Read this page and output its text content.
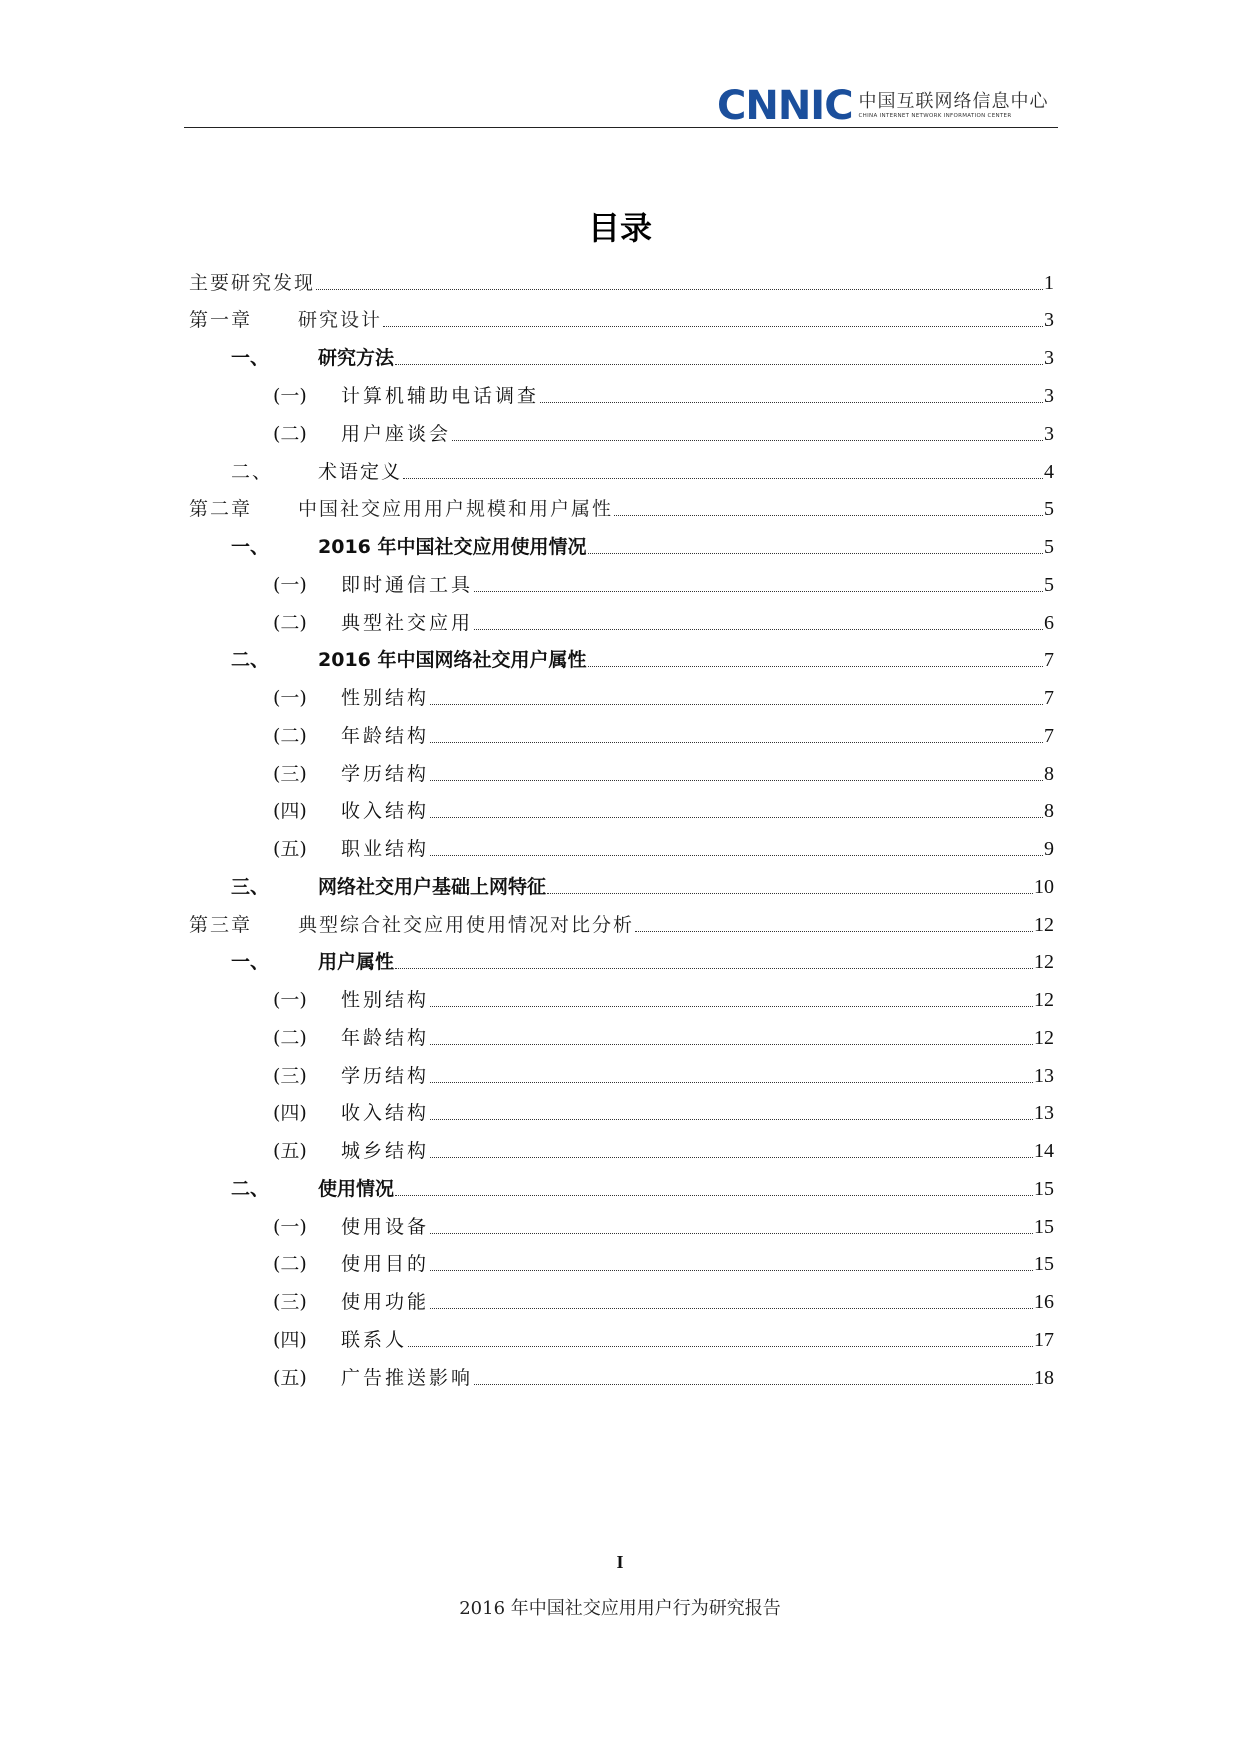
CNNIC 中国互联网络信息中心
CHINA INTERNET NETWORK INFORMATION CENTER
目录
主要研究发现	1
第一章	研究设计	3
一、	研究方法	3
(一)	计算机辅助电话调查	3
(二)	用户座谈会	3
二、	术语定义	4
第二章	中国社交应用用户规模和用户属性	5
一、	2016 年中国社交应用使用情况	5
(一)	即时通信工具	5
(二)	典型社交应用	6
二、	2016 年中国网络社交用户属性	7
(一)	性别结构	7
(二)	年龄结构	7
(三)	学历结构	8
(四)	收入结构	8
(五)	职业结构	9
三、	网络社交用户基础上网特征	10
第三章	典型综合社交应用使用情况对比分析	12
一、	用户属性	12
(一)	性别结构	12
(二)	年龄结构	12
(三)	学历结构	13
(四)	收入结构	13
(五)	城乡结构	14
二、	使用情况	15
(一)	使用设备	15
(二)	使用目的	15
(三)	使用功能	16
(四)	联系人	17
(五)	广告推送影响	18
I
2016 年中国社交应用用户行为研究报告
